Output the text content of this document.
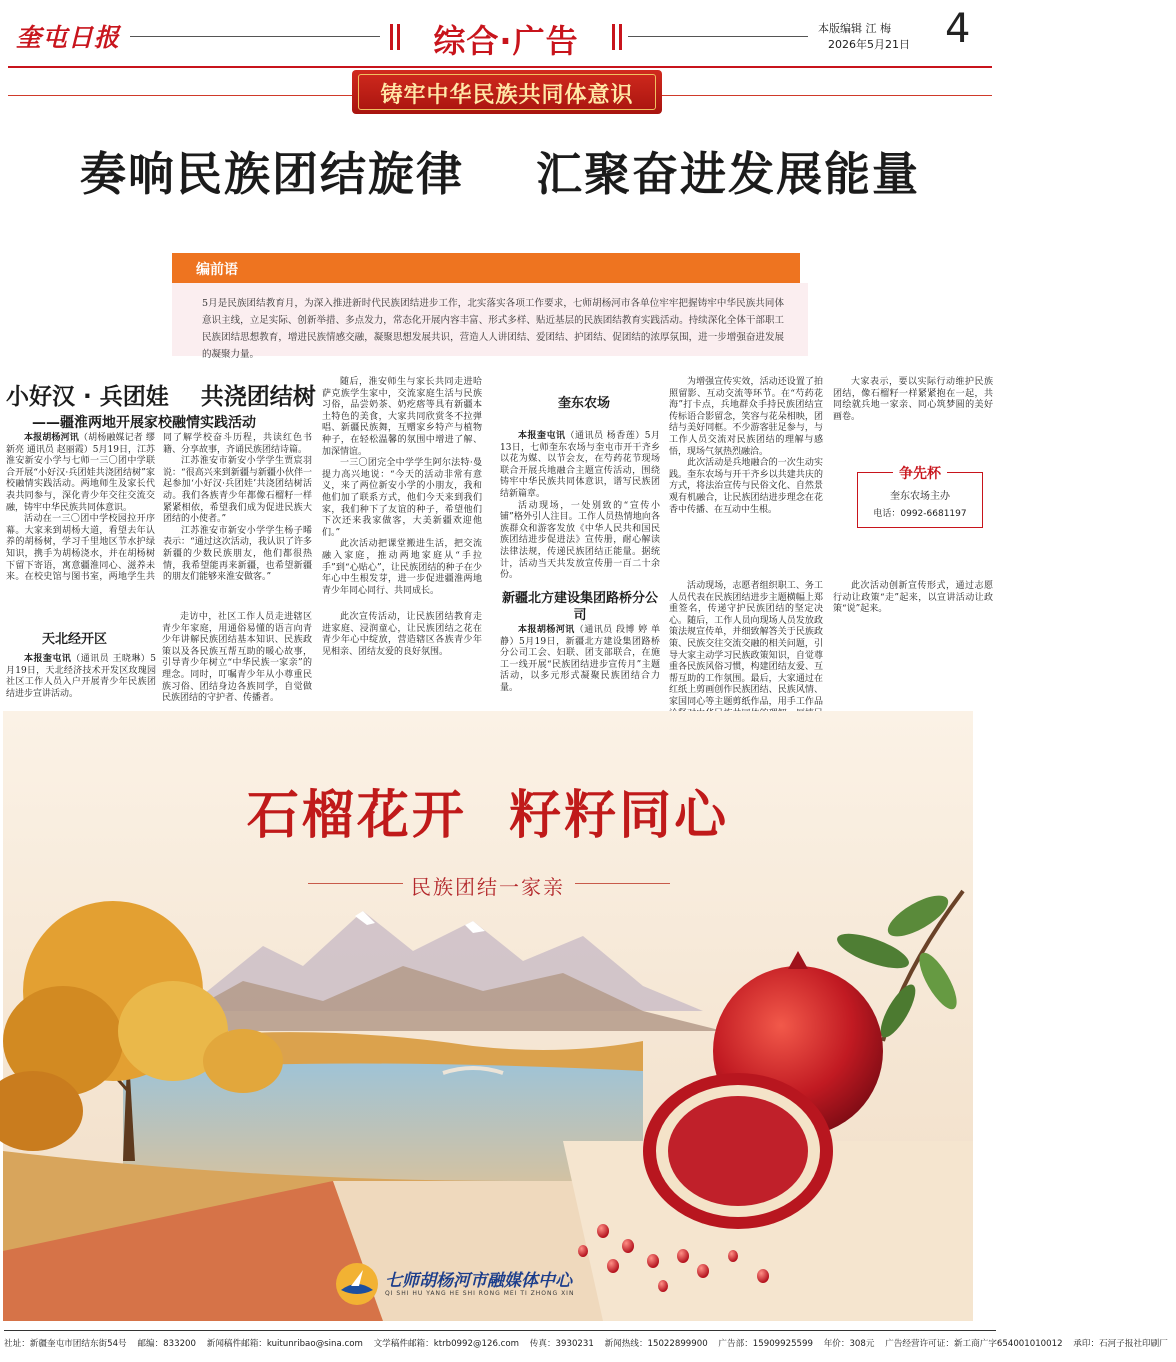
奎屯日报	综合·广告	本版编辑 江 梅
2026年5月21日 4
铸牢中华民族共同体意识
奏响民族团结旋律    汇聚奋进发展能量
编前语
5月是民族团结教育月，为深入推进新时代民族团结进步工作，北实落实各项工作要求，七师胡杨河市各单位牢牢把握铸牢中华民族共同体意识主线，立足实际、创新举措、多点发力，常态化开展内容丰富、形式多样、贴近基层的民族团结教育实践活动。持续深化全体干部职工民族团结思想教育，增进民族情感交融，凝聚思想发展共识，营造人人讲团结、爱团结、护团结、促团结的浓厚氛围，进一步增强奋进发展的凝聚力量。
小好汉 · 兵团娃    共浇团结树
——疆淮两地开展家校融情实践活动

本报胡杨河讯（胡杨融媒记者 缪新亮 通讯员 赵丽霞）5月19日，江苏淮安新安小学与七师一三〇团中学联合开展“小好汉·兵团娃共浇团结树”家校融情实践活动。两地师生及家长代表共同参与，深化青少年交往交流交融，铸牢中华民族共同体意识。

活动在一三〇团中学校园拉开序幕。大家来到胡杨大道，看望去年认养的胡杨树，学习千里地区节水护绿知识，携手为胡杨浇水，并在胡杨树下留下寄语，寓意疆淮同心、滋养未来。在校史馆与图书室，两地学生共同了解学校奋斗历程，共读红色书籍、分享故事，齐诵民族团结诗篇。

江苏淮安市新安小学学生贾宸羽说：“很高兴来到新疆与新疆小伙伴一起参加‘小好汉·兵团娃’共浇团结树活动。我们各族青少年都像石榴籽一样紧紧相依，希望我们成为促进民族大团结的小使者。”

江苏淮安市新安小学学生杨子晞表示：“通过这次活动，我认识了许多新疆的少数民族朋友，他们都很热情，我希望能再来新疆，也希望新疆的朋友们能够来淮安做客。”

随后，淮安师生与家长共同走进哈萨克族学生家中，交流家庭生活与民族习俗，品尝奶茶、奶疙瘩等具有新疆本土特色的美食，大家共同欣赏冬不拉弹唱、新疆民族舞，互赠家乡特产与植物种子，在轻松温馨的氛围中增进了解、加深情谊。

一三〇团完全中学学生阿尔法特·曼提力高兴地说：“今天的活动非常有意义，来了两位新安小学的小朋友，我和他们加了联系方式，他们今天来到我们家，我们种下了友谊的种子，希望他们下次还来我家做客，大美新疆欢迎他们。”

此次活动把课堂搬进生活，把交流融入家庭，推动两地家庭从“手拉手”到“心贴心”，让民族团结的种子在少年心中生根发芽，进一步促进疆淮两地青少年同心同行、共同成长。

奎东农场

本报奎屯讯（通讯员 杨香莲）5月13日，七师奎东农场与奎屯市开干齐乡以花为媒、以节会友，在芍药花节现场联合开展兵地融合主题宣传活动，围绕铸牢中华民族共同体意识，谱写民族团结新篇章。

活动现场，一处别致的“宣传小铺”格外引人注目。工作人员热情地向各族群众和游客发放《中华人民共和国民族团结进步促进法》宣传册，耐心解读法律法规，传递民族团结正能量。据统计，活动当天共发放宣传册一百二十余份。

为增强宣传实效，活动还设置了拍照留影、互动交流等环节。在“芍药花海”打卡点，兵地群众手持民族团结宣传标语合影留念，笑容与花朵相映，团结与美好同框。不少游客驻足参与，与工作人员交流对民族团结的理解与感悟，现场气氛热烈融洽。

此次活动是兵地融合的一次生动实践。奎东农场与开干齐乡以共建共庆的方式，将法治宣传与民俗文化、自然景观有机融合，让民族团结进步理念在花香中传播、在互动中生根。

大家表示，要以实际行动维护民族团结，像石榴籽一样紧紧抱在一起，共同绘就兵地一家亲、同心筑梦圆的美好画卷。

争先杯
奎东农场主办
电话：0992-6681197
天北经开区

本报奎屯讯（通讯员 王晓琳）5月19日，天北经济技术开发区玫瑰园社区工作人员入户开展青少年民族团结进步宣讲活动。

走访中，社区工作人员走进辖区青少年家庭，用通俗易懂的语言向青少年讲解民族团结基本知识、民族政策以及各民族互帮互助的暖心故事，引导青少年树立“中华民族一家亲”的理念。同时，叮嘱青少年从小尊重民族习俗、团结身边各族同学，自觉做民族团结的守护者、传播者。

此次宣传活动，让民族团结教育走进家庭、浸润童心，让民族团结之花在青少年心中绽放，营造辖区各族青少年见相亲、团结友爱的良好氛围。

新疆北方建设集团路桥分公司

本报胡杨河讯（通讯员 段博 婷 单静）5月19日，新疆北方建设集团路桥分公司工会、妇联、团支部联合，在施工一线开展“民族团结进步宣传月”主题活动，以多元形式凝聚民族团结合力量。

活动现场，志愿者组织职工、务工人员代表在民族团结进步主题横幅上郑重签名，传递守护民族团结的坚定决心。随后，工作人员向现场人员发放政策法规宣传单，并细致解答关于民族政策、民族交往交流交融的相关问题，引导大家主动学习民族政策知识，自觉尊重各民族风俗习惯，构建团结友爱、互帮互助的工作氛围。最后，大家通过在红纸上剪画创作民族团结、民族风情、家国同心等主题剪纸作品，用手工作品

此次活动创新宣传形式，通过志愿行动让政策“走”起来，以宣讲活动让政策“说”起来。

石榴花开  籽籽同心
民族团结一家亲
七师胡杨河市融媒体中心
QI SHI HU YANG HE SHI RONG MEI TI ZHONG XIN
社址：新疆奎屯市团结东街54号 邮编：833200 新闻稿件邮箱：kuitunribao@sina.com 文学稿件邮箱：ktrb0992@126.com 传真：3930231 新闻热线：15022899900 广告部：15909925599 年价：308元 广告经营许可证：新工商广字654001010012 承印：石河子报社印刷厂
